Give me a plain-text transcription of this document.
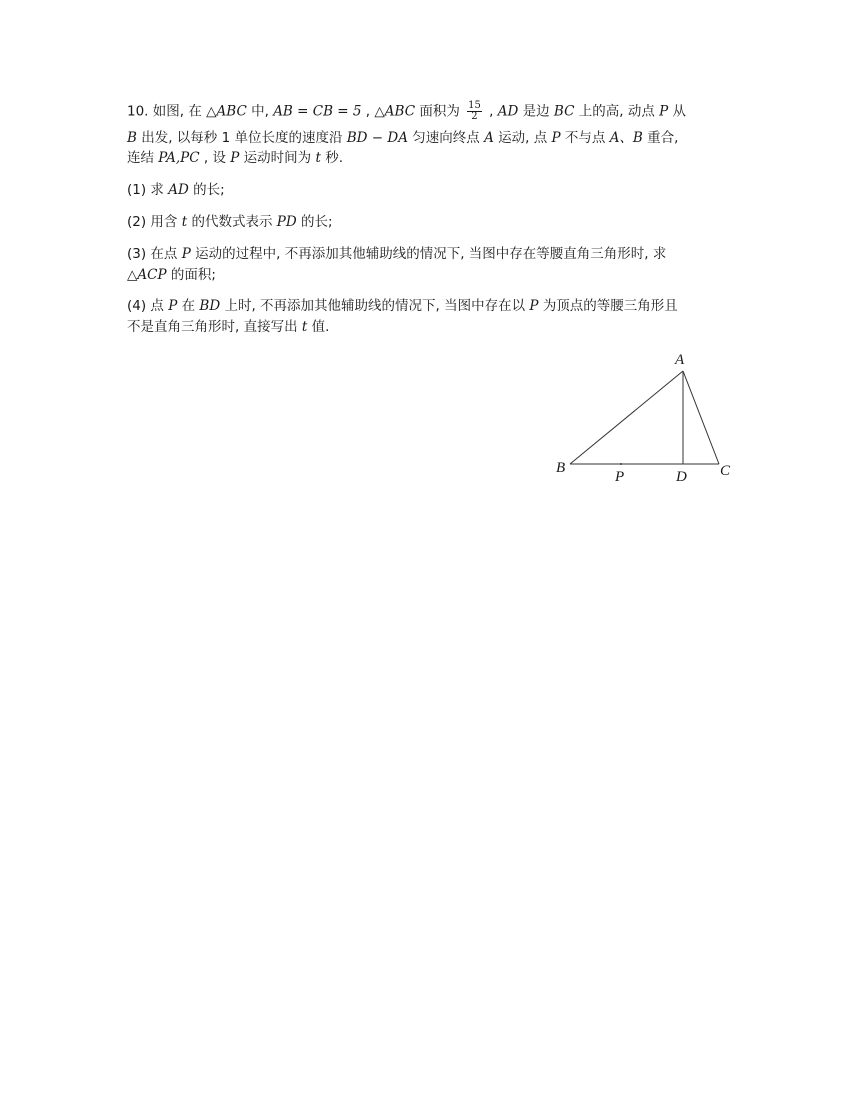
10. 如图, 在 △ABC 中, AB = CB = 5 , △ABC 面积为 $\frac{15}{2}$ , AD 是边 BC 上的高, 动点 P 从
B 出发, 以每秒 1 单位长度的速度沿 BD − DA 匀速向终点 A 运动, 点 P 不与点 A、B 重合,
连结 PA,PC , 设 P 运动时间为 t 秒.
(1) 求 AD 的长;
(2) 用含 t 的代数式表示 PD 的长;
(3) 在点 P 运动的过程中, 不再添加其他辅助线的情况下, 当图中存在等腰直角三角形时, 求
△ACP 的面积;
(4) 点 P 在 BD 上时, 不再添加其他辅助线的情况下, 当图中存在以 P 为顶点的等腰三角形且
不是直角三角形时, 直接写出 t 值.
A
B	C
D
P
